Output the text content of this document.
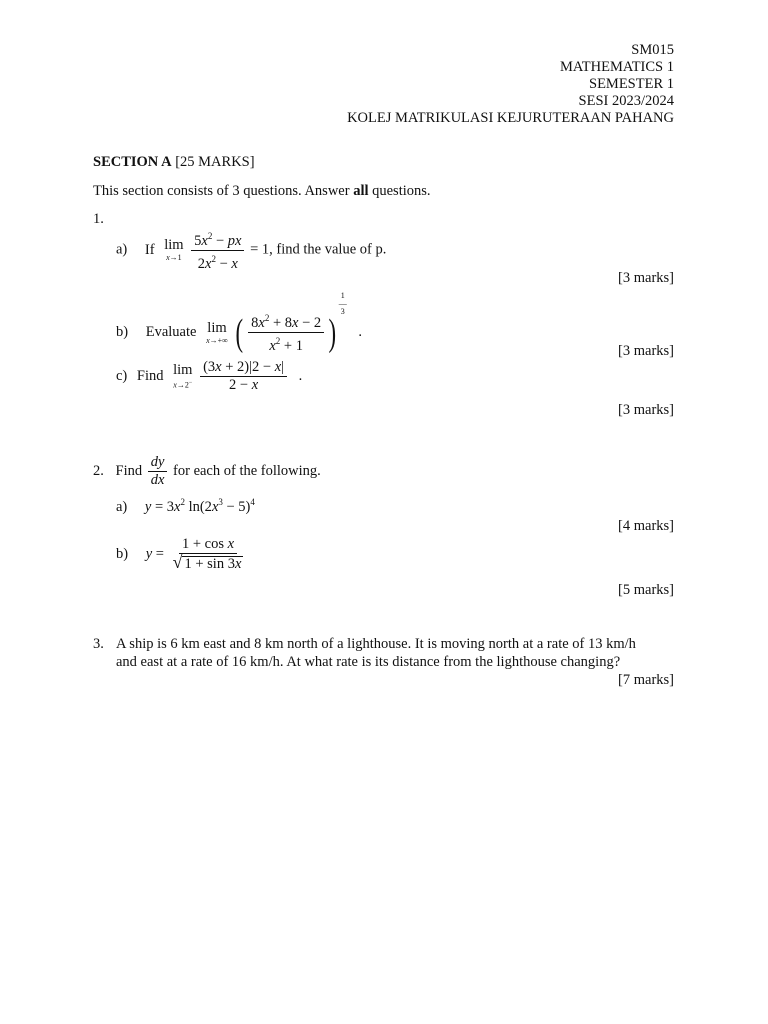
SM015
MATHEMATICS 1
SEMESTER 1
SESI 2023/2024
KOLEJ MATRIKULASI KEJURUTERAAN PAHANG
SECTION A [25 MARKS]
This section consists of 3 questions. Answer all questions.
1.
a) If lim
x→1
$\frac{5x^2 - px}{2x^2 - x} = 1$, find the value of p.
[3 marks]
b) Evaluate lim
x→+∞ ( $\frac{8x^2 + 8x - 2}{x^2 + 1} )^{1 ― 3}$ .
[3 marks]
c) Find lim
x→2−
$\frac{(3x + 2)|2 - x|}{2 - x}$ .
[3 marks]
2. Find $\frac{dy}{dx}$ for each of the following.
a) $y = 3x^2$ $\ln(2x^3 - 5)^4$
[4 marks]
b) $y = \frac{\text{1 + cos x}}{√ 1 + \sin 3x}$
[5 marks]
3. A ship is 6 km east and 8 km north of a lighthouse. It is moving north at a rate of 13 km/h
and east at a rate of 16 km/h. At what rate is its distance from the lighthouse changing?
[7 marks]
